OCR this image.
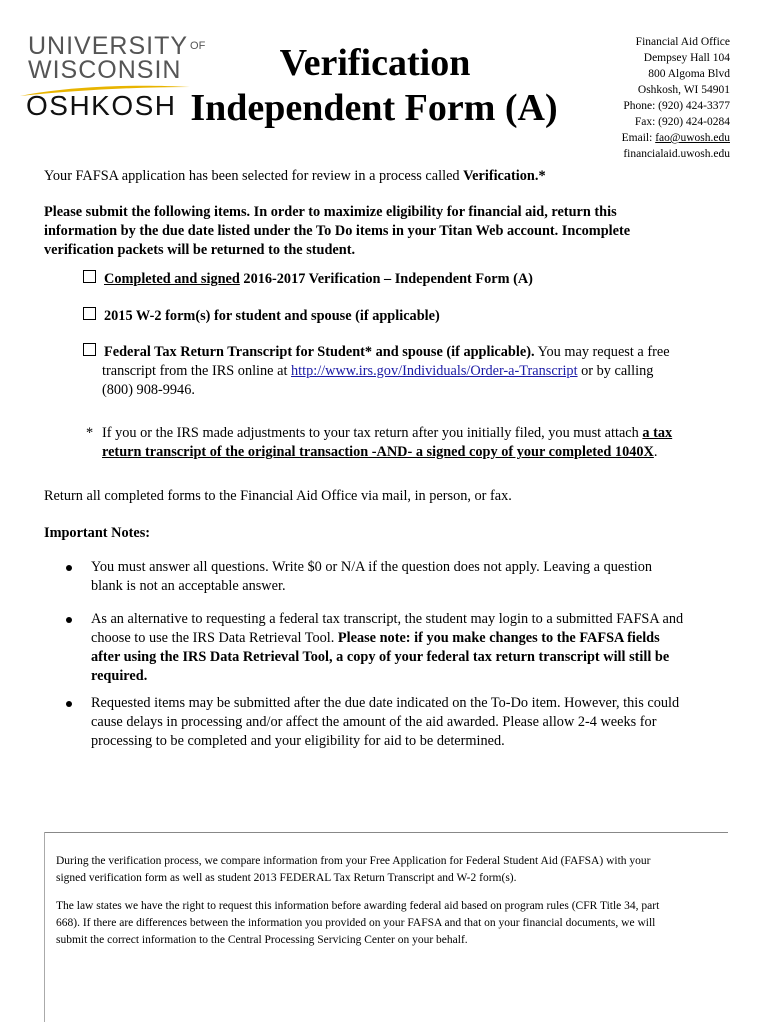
UNIVERSITY $^{OF}$
WISCONSIN
OSHKOSH
Verification
Independent Form (A)
Financial Aid Office
Dempsey Hall 104
800 Algoma Blvd
Oshkosh, WI 54901
Phone: (920) 424-3377
Fax: (920) 424-0284
Email: fao@uwosh.edu
financialaid.uwosh.edu
Your FAFSA application has been selected for review in a process called Verification.*
Please submit the following items. In order to maximize eligibility for financial aid, return this
information by the due date listed under the To Do items in your Titan Web account. Incomplete
verification packets will be returned to the student.
Completed and signed 2016-2017 Verification – Independent Form (A)
2015 W-2 form(s) for student and spouse (if applicable)
Federal Tax Return Transcript for Student* and spouse (if applicable). You may request a free
transcript from the IRS online at http://www.irs.gov/Individuals/Order-a-Transcript or by calling
(800) 908-9946.
* If you or the IRS made adjustments to your tax return after you initially filed, you must attach a tax
return transcript of the original transaction -AND- a signed copy of your completed 1040X.
Return all completed forms to the Financial Aid Office via mail, in person, or fax.
Important Notes:
You must answer all questions. Write $0 or N/A if the question does not apply. Leaving a question
blank is not an acceptable answer.
As an alternative to requesting a federal tax transcript, the student may login to a submitted FAFSA and
choose to use the IRS Data Retrieval Tool. Please note: if you make changes to the FAFSA fields
after using the IRS Data Retrieval Tool, a copy of your federal tax return transcript will still be
required.
Requested items may be submitted after the due date indicated on the To-Do item. However, this could
cause delays in processing and/or affect the amount of the aid awarded. Please allow 2-4 weeks for
processing to be completed and your eligibility for aid to be determined.
During the verification process, we compare information from your Free Application for Federal Student Aid (FAFSA) with your
signed verification form as well as student 2013 FEDERAL Tax Return Transcript and W-2 form(s).
The law states we have the right to request this information before awarding federal aid based on program rules (CFR Title 34, part
668). If there are differences between the information you provided on your FAFSA and that on your financial documents, we will
submit the correct information to the Central Processing Servicing Center on your behalf.
